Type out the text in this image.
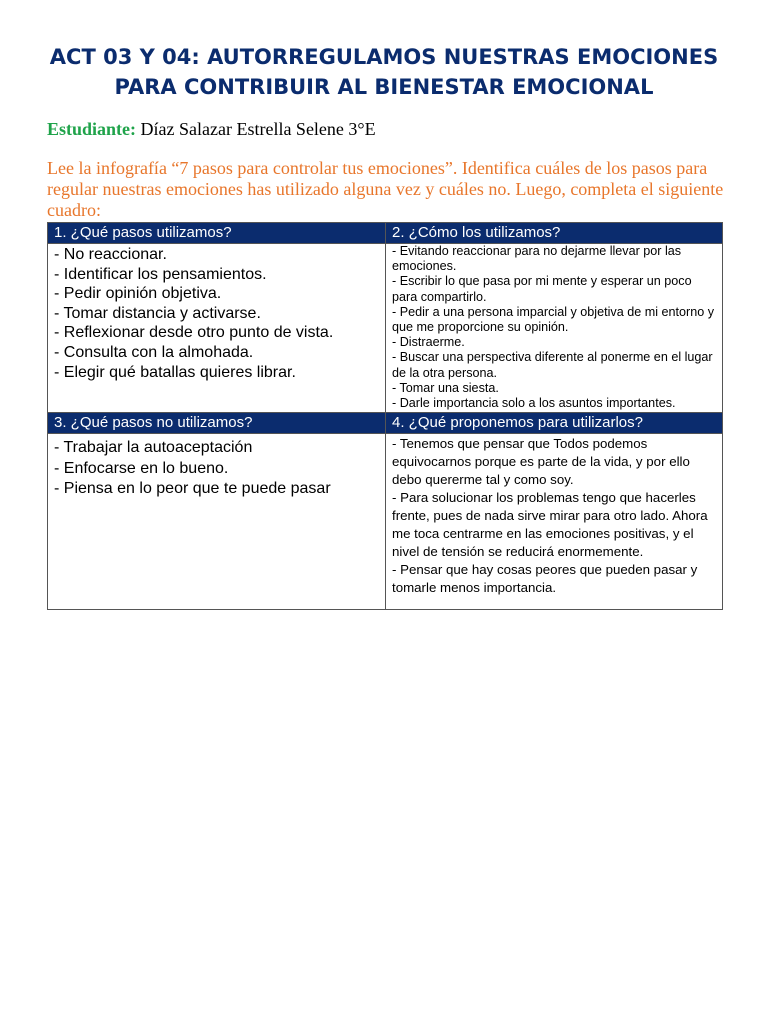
ACT 03 Y 04: AUTORREGULAMOS NUESTRAS EMOCIONES
PARA CONTRIBUIR AL BIENESTAR EMOCIONAL
Estudiante: Díaz Salazar Estrella Selene 3°E
Lee la infografía “7 pasos para controlar tus emociones”. Identifica cuáles de los pasos para regular nuestras emociones has utilizado alguna vez y cuáles no. Luego, completa el siguiente cuadro:
1. ¿Qué pasos utilizamos?	2. ¿Cómo los utilizamos?
- No reaccionar.
- Identificar los pensamientos.
- Pedir opinión objetiva.
- Tomar distancia y activarse.
- Reflexionar desde otro punto de vista.
- Consulta con la almohada.
- Elegir qué batallas quieres librar.
- Evitando reaccionar para no dejarme llevar por las emociones.
- Escribir lo que pasa por mi mente y esperar un poco para compartirlo.
- Pedir a una persona imparcial y objetiva de mi entorno y que me proporcione su opinión.
- Distraerme.
- Buscar una perspectiva diferente al ponerme en el lugar de la otra persona.
- Tomar una siesta.
- Darle importancia solo a los asuntos importantes.
3. ¿Qué pasos no utilizamos?	4. ¿Qué proponemos para utilizarlos?
- Trabajar la autoaceptación
- Enfocarse en lo bueno.
- Piensa en lo peor que te puede pasar
- Tenemos que pensar que Todos podemos equivocarnos porque es parte de la vida, y por ello debo quererme tal y como soy.
- Para solucionar los problemas tengo que hacerles frente, pues de nada sirve mirar para otro lado. Ahora me toca centrarme en las emociones positivas, y el nivel de tensión se reducirá enormemente.
- Pensar que hay cosas peores que pueden pasar y tomarle menos importancia.
